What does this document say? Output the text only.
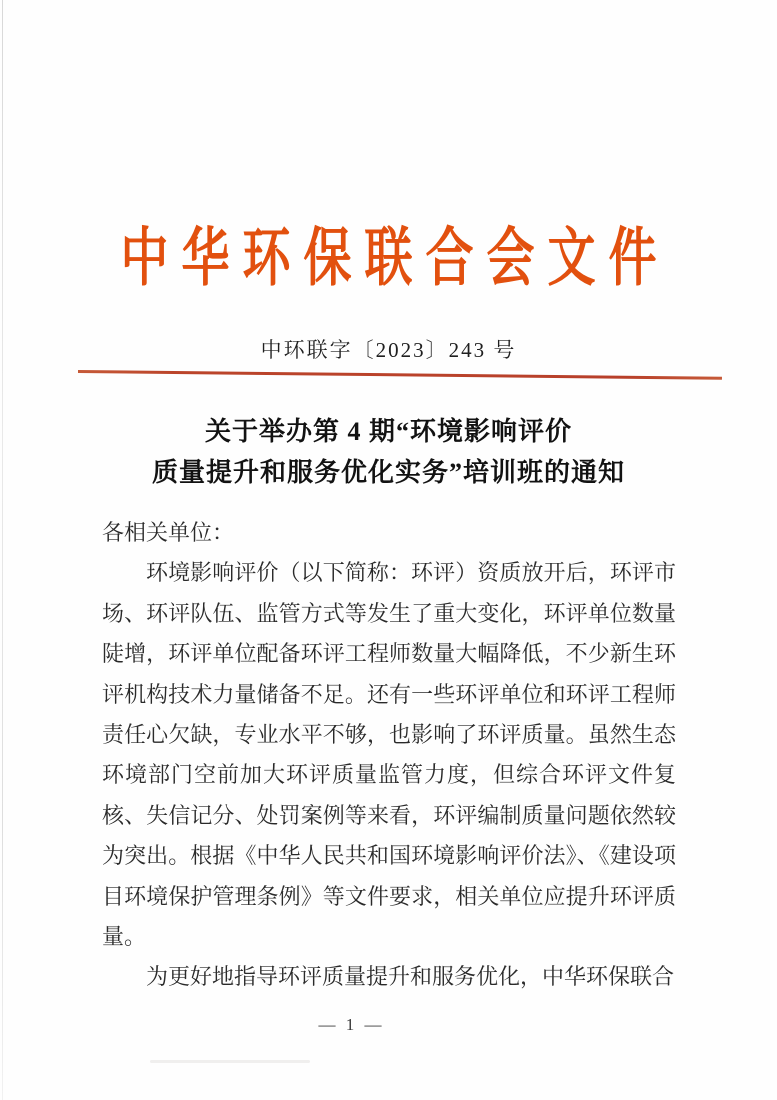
中华环保联合会文件
中环联字〔2023〕243 号
关于举办第 4 期“环境影响评价
质量提升和服务优化实务”培训班的通知

各相关单位：

环境影响评价（以下简称：环评）资质放开后，环评市场、环评队伍、监管方式等发生了重大变化，环评单位数量陡增，环评单位配备环评工程师数量大幅降低，不少新生环评机构技术力量储备不足。还有一些环评单位和环评工程师责任心欠缺，专业水平不够，也影响了环评质量。虽然生态环境部门空前加大环评质量监管力度，但综合环评文件复核、失信记分、处罚案例等来看，环评编制质量问题依然较为突出。根据《中华人民共和国环境影响评价法》、《建设项目环境保护管理条例》等文件要求，相关单位应提升环评质量。

为更好地指导环评质量提升和服务优化，中华环保联合

— 1 —
